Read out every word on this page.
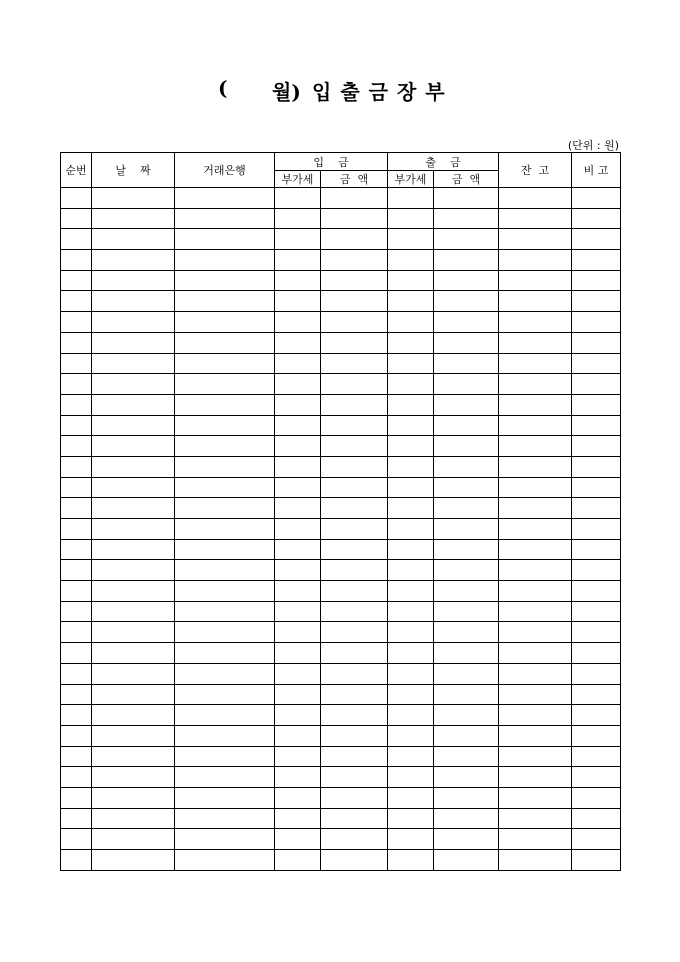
( 월) 입출금장부
(단위 : 원)
순번	날    짜	거래은행	입    금		출    금		잔  고	비 고
			부가세	금  액	부가세	금  액		
